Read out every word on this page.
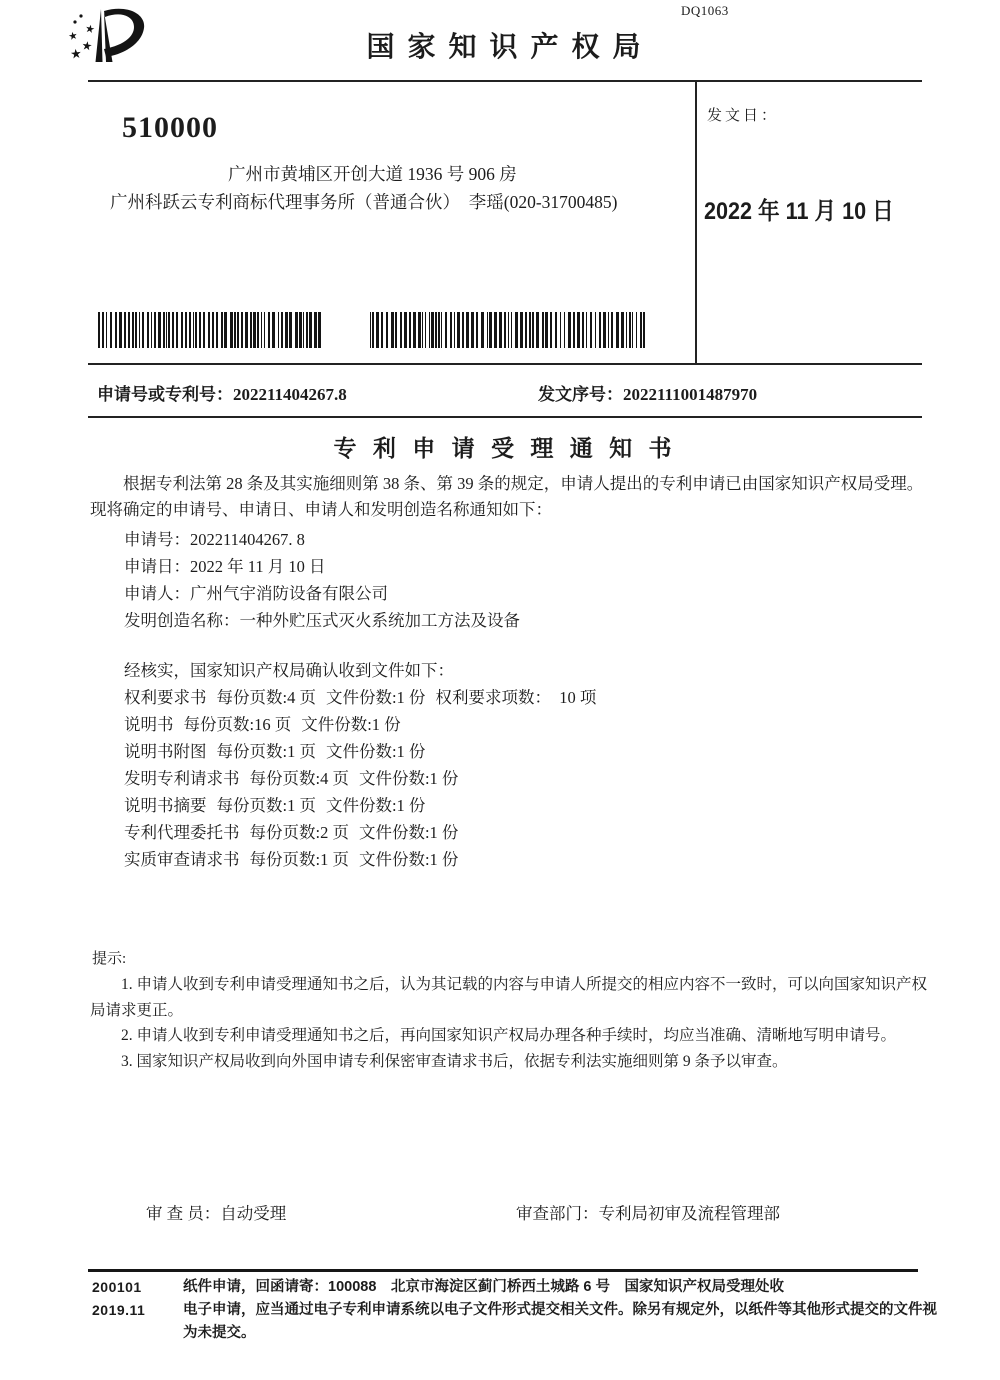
DQ1063
国 家 知 识 产 权 局
510000
广州市黄埔区开创大道 1936 号 906 房
广州科跃云专利商标代理事务所（普通合伙）　李瑶(020-31700485)
发文日：
2022 年 11 月 10 日
申请号或专利号：202211404267.8	发文序号：2022111001487970
专 利 申 请 受 理 通 知 书

根据专利法第 28 条及其实施细则第 38 条、第 39 条的规定，申请人提出的专利申请已由国家知识产权局受理。现将确定的申请号、申请日、申请人和发明创造名称通知如下：

申请号：202211404267. 8
申请日：2022 年 11 月 10 日
申请人：广州气宇消防设备有限公司
发明创造名称：一种外贮压式灭火系统加工方法及设备
经核实，国家知识产权局确认收到文件如下：
权利要求书 每份页数:4 页 文件份数:1 份 权利要求项数：　10 项
说明书 每份页数:16 页 文件份数:1 份
说明书附图 每份页数:1 页 文件份数:1 份
发明专利请求书 每份页数:4 页 文件份数:1 份
说明书摘要 每份页数:1 页 文件份数:1 份
专利代理委托书 每份页数:2 页 文件份数:1 份
实质审查请求书 每份页数:1 页 文件份数:1 份
提示:

1. 申请人收到专利申请受理通知书之后，认为其记载的内容与申请人所提交的相应内容不一致时，可以向国家知识产权局请求更正。

2. 申请人收到专利申请受理通知书之后，再向国家知识产权局办理各种手续时，均应当准确、清晰地写明申请号。

3. 国家知识产权局收到向外国申请专利保密审查请求书后，依据专利法实施细则第 9 条予以审查。

审 查 员：自动受理	审查部门：专利局初审及流程管理部
200101
2019.11

纸件申请，回函请寄：100088　北京市海淀区蓟门桥西土城路 6 号　国家知识产权局受理处收

电子申请，应当通过电子专利申请系统以电子文件形式提交相关文件。除另有规定外，以纸件等其他形式提交的文件视为未提交。
